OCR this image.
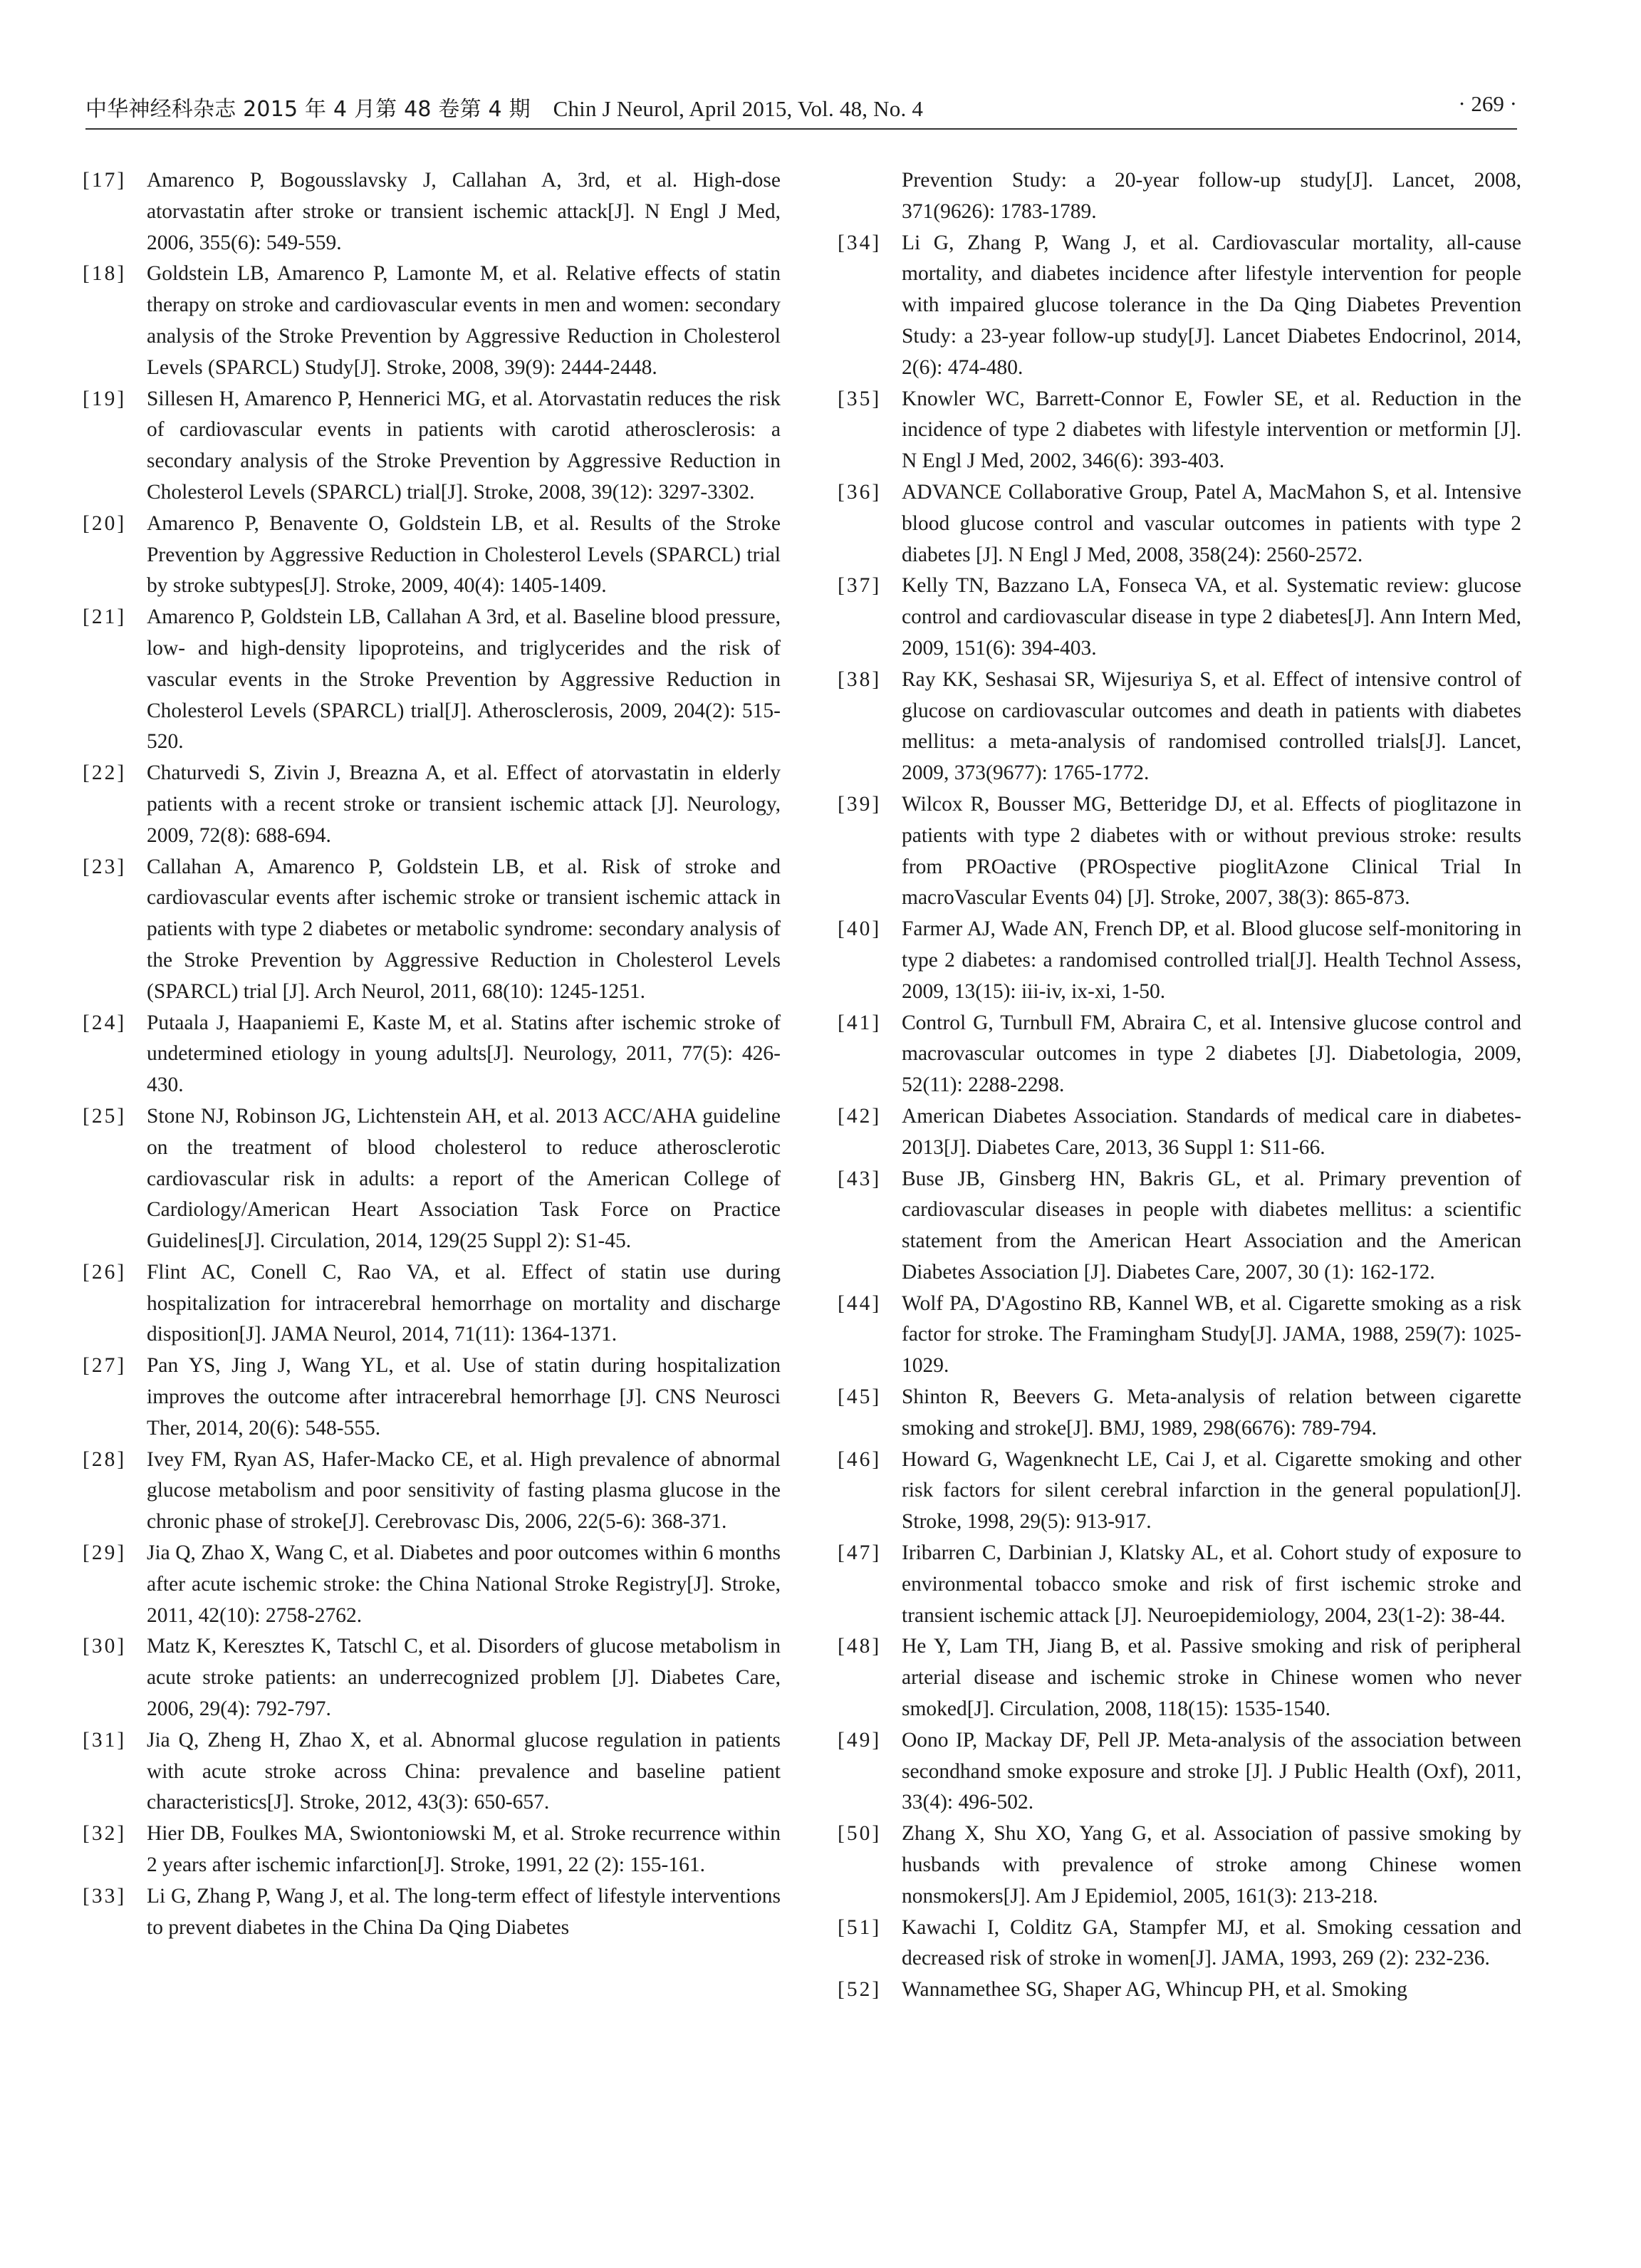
中华神经科杂志 2015 年 4 月第 48 卷第 4 期 Chin J Neurol, April 2015, Vol. 48, No. 4	· 269 ·
[17] Amarenco P, Bogousslavsky J, Callahan A, 3rd, et al. High-dose atorvastatin after stroke or transient ischemic attack[J]. N Engl J Med, 2006, 355(6): 549-559.
[18] Goldstein LB, Amarenco P, Lamonte M, et al. Relative effects of statin therapy on stroke and cardiovascular events in men and women: secondary analysis of the Stroke Prevention by Aggressive Reduction in Cholesterol Levels (SPARCL) Study[J]. Stroke, 2008, 39(9): 2444-2448.
[19] Sillesen H, Amarenco P, Hennerici MG, et al. Atorvastatin reduces the risk of cardiovascular events in patients with carotid atherosclerosis: a secondary analysis of the Stroke Prevention by Aggressive Reduction in Cholesterol Levels (SPARCL) trial[J]. Stroke, 2008, 39(12): 3297-3302.
[20] Amarenco P, Benavente O, Goldstein LB, et al. Results of the Stroke Prevention by Aggressive Reduction in Cholesterol Levels (SPARCL) trial by stroke subtypes[J]. Stroke, 2009, 40(4): 1405-1409.
[21] Amarenco P, Goldstein LB, Callahan A 3rd, et al. Baseline blood pressure, low- and high-density lipoproteins, and triglycerides and the risk of vascular events in the Stroke Prevention by Aggressive Reduction in Cholesterol Levels (SPARCL) trial[J]. Atherosclerosis, 2009, 204(2): 515-520.
[22] Chaturvedi S, Zivin J, Breazna A, et al. Effect of atorvastatin in elderly patients with a recent stroke or transient ischemic attack [J]. Neurology, 2009, 72(8): 688-694.
[23] Callahan A, Amarenco P, Goldstein LB, et al. Risk of stroke and cardiovascular events after ischemic stroke or transient ischemic attack in patients with type 2 diabetes or metabolic syndrome: secondary analysis of the Stroke Prevention by Aggressive Reduction in Cholesterol Levels (SPARCL) trial [J]. Arch Neurol, 2011, 68(10): 1245-1251.
[24] Putaala J, Haapaniemi E, Kaste M, et al. Statins after ischemic stroke of undetermined etiology in young adults[J]. Neurology, 2011, 77(5): 426-430.
[25] Stone NJ, Robinson JG, Lichtenstein AH, et al. 2013 ACC/AHA guideline on the treatment of blood cholesterol to reduce atherosclerotic cardiovascular risk in adults: a report of the American College of Cardiology/American Heart Association Task Force on Practice Guidelines[J]. Circulation, 2014, 129(25 Suppl 2): S1-45.
[26] Flint AC, Conell C, Rao VA, et al. Effect of statin use during hospitalization for intracerebral hemorrhage on mortality and discharge disposition[J]. JAMA Neurol, 2014, 71(11): 1364-1371.
[27] Pan YS, Jing J, Wang YL, et al. Use of statin during hospitalization improves the outcome after intracerebral hemorrhage [J]. CNS Neurosci Ther, 2014, 20(6): 548-555.
[28] Ivey FM, Ryan AS, Hafer-Macko CE, et al. High prevalence of abnormal glucose metabolism and poor sensitivity of fasting plasma glucose in the chronic phase of stroke[J]. Cerebrovasc Dis, 2006, 22(5-6): 368-371.
[29] Jia Q, Zhao X, Wang C, et al. Diabetes and poor outcomes within 6 months after acute ischemic stroke: the China National Stroke Registry[J]. Stroke, 2011, 42(10): 2758-2762.
[30] Matz K, Keresztes K, Tatschl C, et al. Disorders of glucose metabolism in acute stroke patients: an underrecognized problem [J]. Diabetes Care, 2006, 29(4): 792-797.
[31] Jia Q, Zheng H, Zhao X, et al. Abnormal glucose regulation in patients with acute stroke across China: prevalence and baseline patient characteristics[J]. Stroke, 2012, 43(3): 650-657.
[32] Hier DB, Foulkes MA, Swiontoniowski M, et al. Stroke recurrence within 2 years after ischemic infarction[J]. Stroke, 1991, 22 (2): 155-161.
[33] Li G, Zhang P, Wang J, et al. The long-term effect of lifestyle interventions to prevent diabetes in the China Da Qing Diabetes
Prevention Study: a 20-year follow-up study[J]. Lancet, 2008, 371(9626): 1783-1789.
[34] Li G, Zhang P, Wang J, et al. Cardiovascular mortality, all-cause mortality, and diabetes incidence after lifestyle intervention for people with impaired glucose tolerance in the Da Qing Diabetes Prevention Study: a 23-year follow-up study[J]. Lancet Diabetes Endocrinol, 2014, 2(6): 474-480.
[35] Knowler WC, Barrett-Connor E, Fowler SE, et al. Reduction in the incidence of type 2 diabetes with lifestyle intervention or metformin [J]. N Engl J Med, 2002, 346(6): 393-403.
[36] ADVANCE Collaborative Group, Patel A, MacMahon S, et al. Intensive blood glucose control and vascular outcomes in patients with type 2 diabetes [J]. N Engl J Med, 2008, 358(24): 2560-2572.
[37] Kelly TN, Bazzano LA, Fonseca VA, et al. Systematic review: glucose control and cardiovascular disease in type 2 diabetes[J]. Ann Intern Med, 2009, 151(6): 394-403.
[38] Ray KK, Seshasai SR, Wijesuriya S, et al. Effect of intensive control of glucose on cardiovascular outcomes and death in patients with diabetes mellitus: a meta-analysis of randomised controlled trials[J]. Lancet, 2009, 373(9677): 1765-1772.
[39] Wilcox R, Bousser MG, Betteridge DJ, et al. Effects of pioglitazone in patients with type 2 diabetes with or without previous stroke: results from PROactive (PROspective pioglitAzone Clinical Trial In macroVascular Events 04) [J]. Stroke, 2007, 38(3): 865-873.
[40] Farmer AJ, Wade AN, French DP, et al. Blood glucose self-monitoring in type 2 diabetes: a randomised controlled trial[J]. Health Technol Assess, 2009, 13(15): iii-iv, ix-xi, 1-50.
[41] Control G, Turnbull FM, Abraira C, et al. Intensive glucose control and macrovascular outcomes in type 2 diabetes [J]. Diabetologia, 2009, 52(11): 2288-2298.
[42] American Diabetes Association. Standards of medical care in diabetes-2013[J]. Diabetes Care, 2013, 36 Suppl 1: S11-66.
[43] Buse JB, Ginsberg HN, Bakris GL, et al. Primary prevention of cardiovascular diseases in people with diabetes mellitus: a scientific statement from the American Heart Association and the American Diabetes Association [J]. Diabetes Care, 2007, 30 (1): 162-172.
[44] Wolf PA, D'Agostino RB, Kannel WB, et al. Cigarette smoking as a risk factor for stroke. The Framingham Study[J]. JAMA, 1988, 259(7): 1025-1029.
[45] Shinton R, Beevers G. Meta-analysis of relation between cigarette smoking and stroke[J]. BMJ, 1989, 298(6676): 789-794.
[46] Howard G, Wagenknecht LE, Cai J, et al. Cigarette smoking and other risk factors for silent cerebral infarction in the general population[J]. Stroke, 1998, 29(5): 913-917.
[47] Iribarren C, Darbinian J, Klatsky AL, et al. Cohort study of exposure to environmental tobacco smoke and risk of first ischemic stroke and transient ischemic attack [J]. Neuroepidemiology, 2004, 23(1-2): 38-44.
[48] He Y, Lam TH, Jiang B, et al. Passive smoking and risk of peripheral arterial disease and ischemic stroke in Chinese women who never smoked[J]. Circulation, 2008, 118(15): 1535-1540.
[49] Oono IP, Mackay DF, Pell JP. Meta-analysis of the association between secondhand smoke exposure and stroke [J]. J Public Health (Oxf), 2011, 33(4): 496-502.
[50] Zhang X, Shu XO, Yang G, et al. Association of passive smoking by husbands with prevalence of stroke among Chinese women nonsmokers[J]. Am J Epidemiol, 2005, 161(3): 213-218.
[51] Kawachi I, Colditz GA, Stampfer MJ, et al. Smoking cessation and decreased risk of stroke in women[J]. JAMA, 1993, 269 (2): 232-236.
[52] Wannamethee SG, Shaper AG, Whincup PH, et al. Smoking
